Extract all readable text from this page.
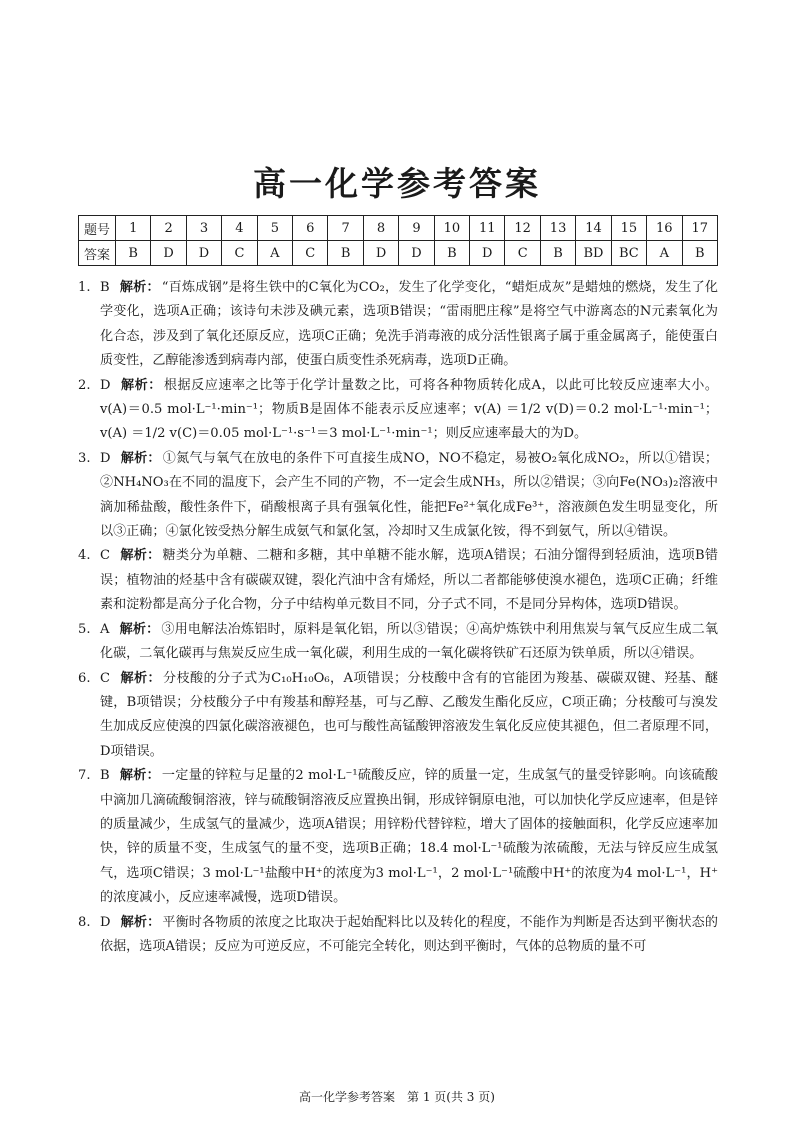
高一化学参考答案
题号	1	2	3	4	5	6	7	8	9	10	11	12	13	14	15	16	17
答案	B	D	D	C	A	C	B	D	D	B	D	C	B	BD	BC	A	B

1. B 解析： “百炼成钢”是将生铁中的C氧化为CO₂，发生了化学变化，“蜡炬成灰”是蜡烛的燃烧，发生了化学变化，选项A正确；该诗句未涉及碘元素，选项B错误；“雷雨肥庄稼”是将空气中游离态的N元素氧化为化合态，涉及到了氧化还原反应，选项C正确；免洗手消毒液的成分活性银离子属于重金属离子，能使蛋白质变性，乙醇能渗透到病毒内部，使蛋白质变性杀死病毒，选项D正确。

2. D 解析： 根据反应速率之比等于化学计量数之比，可将各种物质转化成A，以此可比较反应速率大小。v(A)＝0.5 mol·L⁻¹·min⁻¹；物质B是固体不能表示反应速率；v(A) ＝1/2 v(D)＝0.2 mol·L⁻¹·min⁻¹；v(A) ＝1/2 v(C)＝0.05 mol·L⁻¹·s⁻¹＝3 mol·L⁻¹·min⁻¹；则反应速率最大的为D。

3. D 解析： ①氮气与氧气在放电的条件下可直接生成NO，NO不稳定，易被O₂氧化成NO₂，所以①错误；②NH₄NO₃在不同的温度下，会产生不同的产物，不一定会生成NH₃，所以②错误；③向Fe(NO₃)₂溶液中滴加稀盐酸，酸性条件下，硝酸根离子具有强氧化性，能把Fe²⁺氧化成Fe³⁺，溶液颜色发生明显变化，所以③正确；④氯化铵受热分解生成氨气和氯化氢，冷却时又生成氯化铵，得不到氨气，所以④错误。

4. C 解析： 糖类分为单糖、二糖和多糖，其中单糖不能水解，选项A错误；石油分馏得到轻质油，选项B错误；植物油的烃基中含有碳碳双键，裂化汽油中含有烯烃，所以二者都能够使溴水褪色，选项C正确；纤维素和淀粉都是高分子化合物，分子中结构单元数目不同，分子式不同，不是同分异构体，选项D错误。

5. A 解析： ③用电解法冶炼铝时，原料是氧化铝，所以③错误；④高炉炼铁中利用焦炭与氧气反应生成二氧化碳，二氧化碳再与焦炭反应生成一氧化碳，利用生成的一氧化碳将铁矿石还原为铁单质，所以④错误。

6. C 解析： 分枝酸的分子式为C₁₀H₁₀O₆，A项错误；分枝酸中含有的官能团为羧基、碳碳双键、羟基、醚键，B项错误；分枝酸分子中有羧基和醇羟基，可与乙醇、乙酸发生酯化反应，C项正确；分枝酸可与溴发生加成反应使溴的四氯化碳溶液褪色，也可与酸性高锰酸钾溶液发生氧化反应使其褪色，但二者原理不同，D项错误。

7. B 解析： 一定量的锌粒与足量的2 mol·L⁻¹硫酸反应，锌的质量一定，生成氢气的量受锌影响。向该硫酸中滴加几滴硫酸铜溶液，锌与硫酸铜溶液反应置换出铜，形成锌铜原电池，可以加快化学反应速率，但是锌的质量减少，生成氢气的量减少，选项A错误；用锌粉代替锌粒，增大了固体的接触面积，化学反应速率加快，锌的质量不变，生成氢气的量不变，选项B正确；18.4 mol·L⁻¹硫酸为浓硫酸，无法与锌反应生成氢气，选项C错误；3 mol·L⁻¹盐酸中H⁺的浓度为3 mol·L⁻¹，2 mol·L⁻¹硫酸中H⁺的浓度为4 mol·L⁻¹，H⁺的浓度减小，反应速率减慢，选项D错误。

8. D 解析： 平衡时各物质的浓度之比取决于起始配料比以及转化的程度，不能作为判断是否达到平衡状态的依据，选项A错误；反应为可逆反应，不可能完全转化，则达到平衡时，气体的总物质的量不可

高一化学参考答案　第 1 页(共 3 页)
